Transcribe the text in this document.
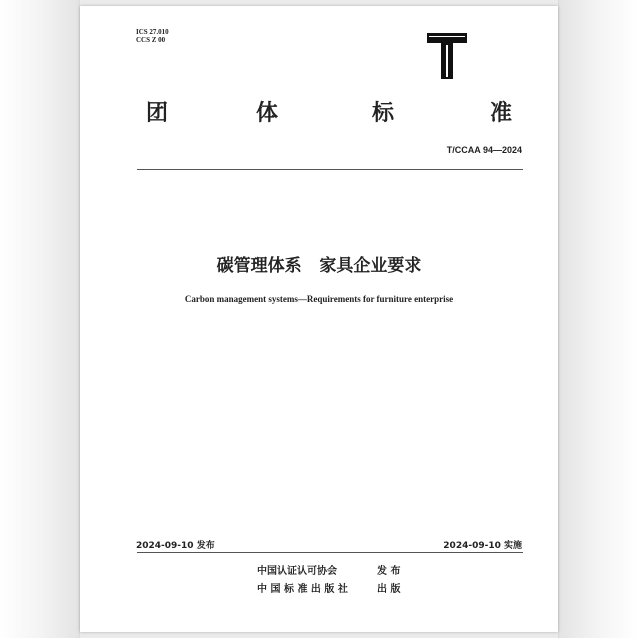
ICS 27.010
CCS Z 00
团	体	标	准
T/CCAA 94—2024
碳管理体系   家具企业要求
Carbon management systems—Requirements for furniture enterprise
2024-09-10 发布	2024-09-10 实施
中国认证认可协会	发 布
中 国 标 准 出 版 社	出 版
